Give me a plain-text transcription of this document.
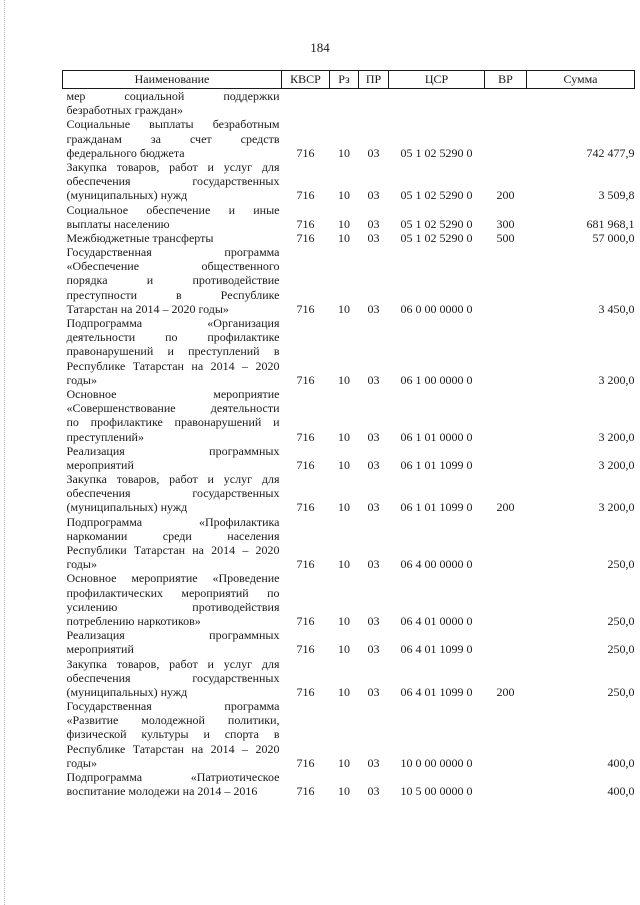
184
Наименование	КВСР	Рз	ПР	ЦСР	ВР	Сумма

мер социальной поддержки
безработных граждан»						

Социальные выплаты безработным
гражданам за счет средств
федерального бюджета	716	10	03	05 1 02 5290 0		742 477,9

Закупка товаров, работ и услуг для
обеспечения государственных
(муниципальных) нужд	716	10	03	05 1 02 5290 0	200	3 509,8

Социальное обеспечение и иные
выплаты населению	716	10	03	05 1 02 5290 0	300	681 968,1

Межбюджетные трансферты	716	10	03	05 1 02 5290 0	500	57 000,0

Государственная программа
«Обеспечение общественного
порядка и противодействие
преступности в Республике
Татарстан на 2014 – 2020 годы»	716	10	03	06 0 00 0000 0		3 450,0

Подпрограмма «Организация
деятельности по профилактике
правонарушений и преступлений в
Республике Татарстан на 2014 – 2020
годы»	716	10	03	06 1 00 0000 0		3 200,0

Основное мероприятие
«Совершенствование деятельности
по профилактике правонарушений и
преступлений»	716	10	03	06 1 01 0000 0		3 200,0

Реализация программных
мероприятий	716	10	03	06 1 01 1099 0		3 200,0

Закупка товаров, работ и услуг для
обеспечения государственных
(муниципальных) нужд	716	10	03	06 1 01 1099 0	200	3 200,0

Подпрограмма «Профилактика
наркомании среди населения
Республики Татарстан на 2014 – 2020
годы»	716	10	03	06 4 00 0000 0		250,0

Основное мероприятие «Проведение
профилактических мероприятий по
усилению противодействия
потреблению наркотиков»	716	10	03	06 4 01 0000 0		250,0

Реализация программных
мероприятий	716	10	03	06 4 01 1099 0		250,0

Закупка товаров, работ и услуг для
обеспечения государственных
(муниципальных) нужд	716	10	03	06 4 01 1099 0	200	250,0

Государственная программа
«Развитие молодежной политики,
физической культуры и спорта в
Республике Татарстан на 2014 – 2020
годы»	716	10	03	10 0 00 0000 0		400,0

Подпрограмма «Патриотическое
воспитание молодежи на 2014 – 2016	716	10	03	10 5 00 0000 0		400,0
